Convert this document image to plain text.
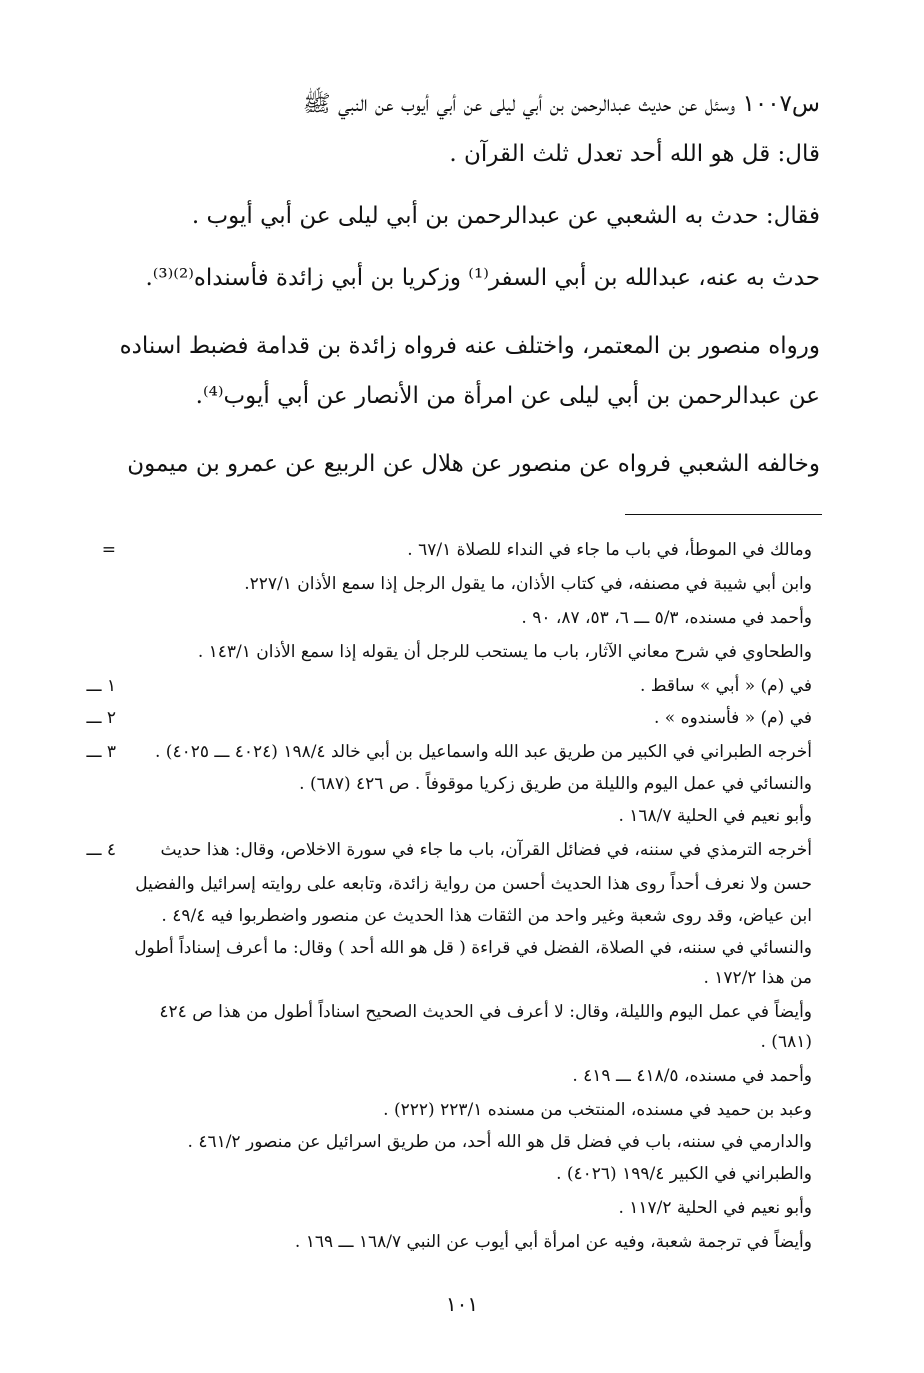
س١٠٠٧ وسئل عن حديث عبدالرحمن بن أبي ليلى عن أبي أيوب عن النبي ﷺ
قال: قل هو الله أحد تعدل ثلث القرآن .
فقال: حدث به الشعبي عن عبدالرحمن بن أبي ليلى عن أبي أيوب .
حدث به عنه، عبدالله بن أبي السفر⁽¹⁾ وزكريا بن أبي زائدة فأسنداه⁽²⁾⁽³⁾.
ورواه منصور بن المعتمر، واختلف عنه فرواه زائدة بن قدامة فضبط اسناده
عن عبدالرحمن بن أبي ليلى عن امرأة من الأنصار عن أبي أيوب⁽⁴⁾.
وخالفه الشعبي فرواه عن منصور عن هلال عن الربيع عن عمرو بن ميمون
=	ومالك في الموطأ، في باب ما جاء في النداء للصلاة ٦٧/١ .
وابن أبي شيبة في مصنفه، في كتاب الأذان، ما يقول الرجل إذا سمع الأذان ٢٢٧/١.
وأحمد في مسنده، ٥/٣ ـــ ٦، ٥٣، ٨٧، ٩٠ .
والطحاوي في شرح معاني الآثار، باب ما يستحب للرجل أن يقوله إذا سمع الأذان ١٤٣/١ .
١ ـــ	في (م) « أبي » ساقط .
٢ ـــ	في (م) « فأسندوه » .
٣ ـــ	أخرجه الطبراني في الكبير من طريق عبد الله واسماعيل بن أبي خالد ١٩٨/٤ (٤٠٢٤ ـــ ٤٠٢٥) .
والنسائي في عمل اليوم والليلة من طريق زكريا موقوفاً . ص ٤٢٦ (٦٨٧) .
وأبو نعيم في الحلية ١٦٨/٧ .
٤ ـــ	أخرجه الترمذي في سننه، في فضائل القرآن، باب ما جاء في سورة الاخلاص، وقال: هذا حديث
حسن ولا نعرف أحداً روى هذا الحديث أحسن من رواية زائدة، وتابعه على روايته إسرائيل والفضيل
ابن عياض، وقد روى شعبة وغير واحد من الثقات هذا الحديث عن منصور واضطربوا فيه ٤٩/٤ .
والنسائي في سننه، في الصلاة، الفضل في قراءة ( قل هو الله أحد ) وقال: ما أعرف إسناداً أطول
من هذا ١٧٢/٢ .
وأيضاً في عمل اليوم والليلة، وقال: لا أعرف في الحديث الصحيح اسناداً أطول من هذا ص ٤٢٤
(٦٨١) .
وأحمد في مسنده، ٤١٨/٥ ـــ ٤١٩ .
وعبد بن حميد في مسنده، المنتخب من مسنده ٢٢٣/١ (٢٢٢) .
والدارمي في سننه، باب في فضل قل هو الله أحد، من طريق اسرائيل عن منصور ٤٦١/٢ .
والطبراني في الكبير ١٩٩/٤ (٤٠٢٦) .
وأبو نعيم في الحلية ١١٧/٢ .
وأيضاً في ترجمة شعبة، وفيه عن امرأة أبي أيوب عن النبي ١٦٨/٧ ـــ ١٦٩ .
١٠١
